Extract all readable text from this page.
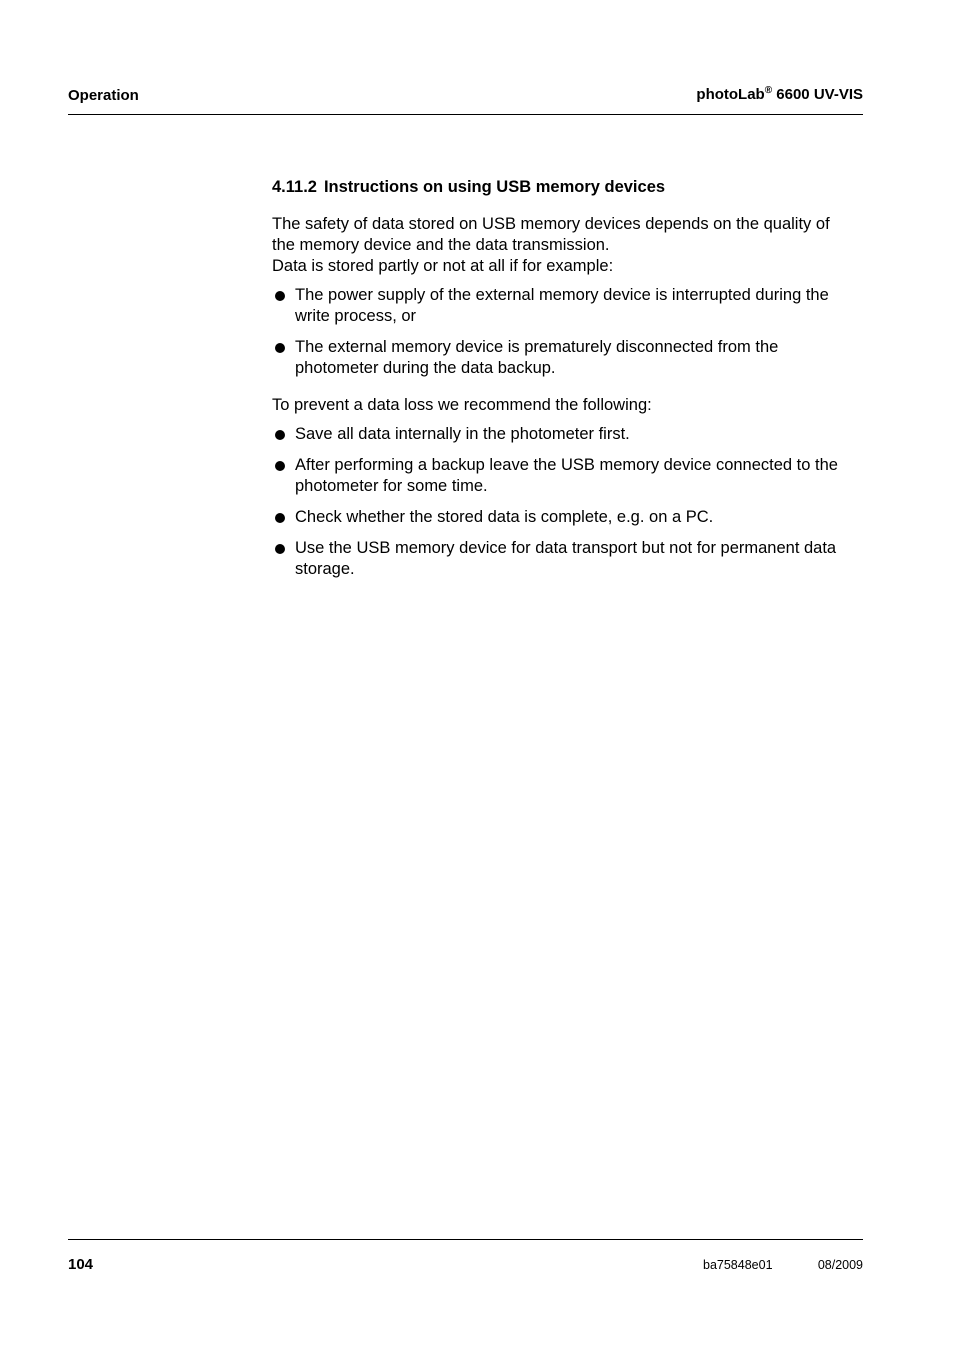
Operation	photoLab® 6600 UV-VIS
4.11.2 Instructions on using USB memory devices

The safety of data stored on USB memory devices depends on the quality of

the memory device and the data transmission.

Data is stored partly or not at all if for example:

The power supply of the external memory device is interrupted during the
write process, or
The external memory device is prematurely disconnected from the
photometer during the data backup.

To prevent a data loss we recommend the following:

Save all data internally in the photometer first.
After performing a backup leave the USB memory device connected to the
photometer for some time.
Check whether the stored data is complete, e.g. on a PC.
Use the USB memory device for data transport but not for permanent data
storage.
104	ba75848e01	08/2009
